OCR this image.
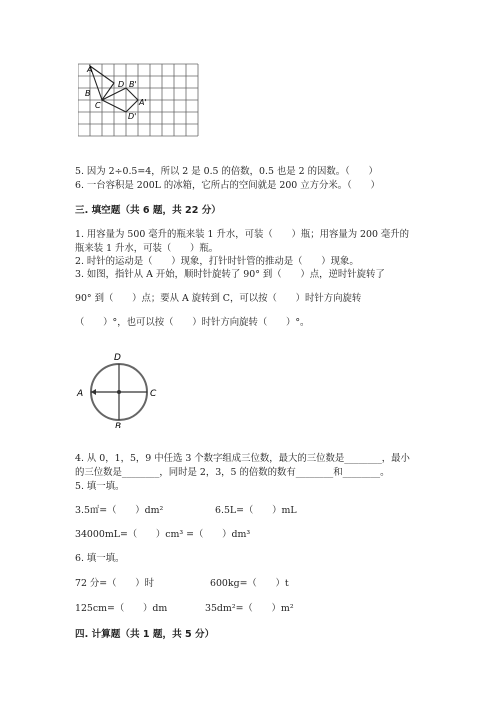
A
B
C
D B'
A'
D'
5. 因为 2÷0.5=4，所以 2 是 0.5 的倍数，0.5 也是 2 的因数。（　　）
6. 一台容积是 200L 的冰箱，它所占的空间就是 200 立方分米。（　　）
三. 填空题（共 6 题，共 22 分）
1. 用容量为 500 毫升的瓶来装 1 升水，可装（　　）瓶；用容量为 200 毫升的
瓶来装 1 升水，可装（　　）瓶。
2. 时针的运动是（　　）现象，打针时针管的推动是（　　）现象。
3. 如图，指针从 A 开始，顺时针旋转了 90° 到（　　）点，逆时针旋转了
90° 到（　　）点；要从 A 旋转到 C，可以按（　　）时针方向旋转
（　　）°，也可以按（　　）时针方向旋转（　　）°。
D
A	C
B
4. 从 0，1，5，9 中任选 3 个数字组成三位数，最大的三位数是________，最小
的三位数是________，同时是 2，3，5 的倍数的数有________和________。
5. 填一填。
3.5㎡=（　　）dm²	6.5L=（　　）mL
34000mL=（　　）cm³ =（　　）dm³
6. 填一填。
72 分=（　　）时	600kg=（　　）t
125cm=（　　）dm	35dm²=（　　）m²
四. 计算题（共 1 题，共 5 分）
